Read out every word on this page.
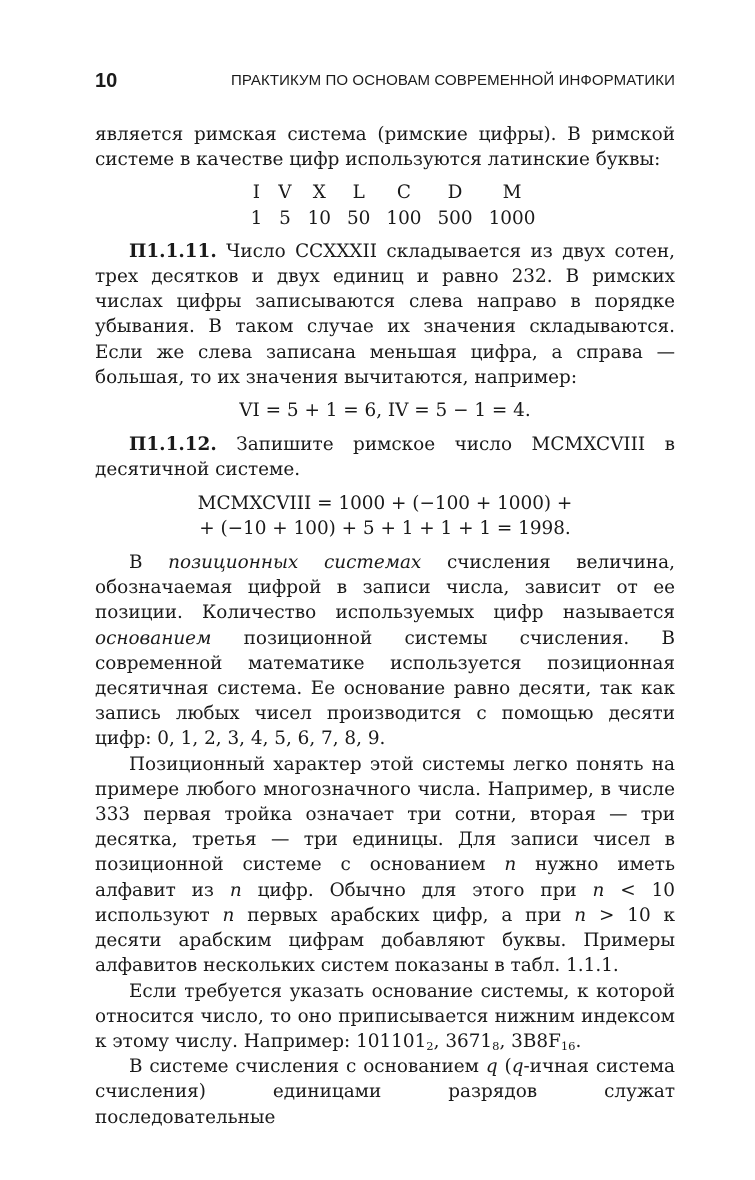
10	ПРАКТИКУМ ПО ОСНОВАМ СОВРЕМЕННОЙ ИНФОРМАТИКИ

является римская система (римские цифры). В римской системе в качестве цифр используются латинские буквы:

I	V	X	L	C	D	M
1	5	10	50	100	500	1000

П1.1.11. Число CCXXXII складывается из двух сотен, трех десятков и двух единиц и равно 232. В римских числах цифры записываются слева направо в порядке убывания. В таком случае их значения складываются. Если же слева записана меньшая цифра, а справа — большая, то их значения вычитаются, например:

VI = 5 + 1 = 6, IV = 5 − 1 = 4.

П1.1.12. Запишите римское число MCMXCVIII в десятичной системе.

MCMXCVIII = 1000 + (−100 + 1000) +
+ (−10 + 100) + 5 + 1 + 1 + 1 = 1998.

В позиционных системах счисления величина, обозначаемая цифрой в записи числа, зависит от ее позиции. Количество используемых цифр называется основанием позиционной системы счисления. В современной математике используется позиционная десятичная система. Ее основание равно десяти, так как запись любых чисел производится с помощью десяти цифр: 0, 1, 2, 3, 4, 5, 6, 7, 8, 9.

Позиционный характер этой системы легко понять на примере любого многозначного числа. Например, в числе 333 первая тройка означает три сотни, вторая — три десятка, третья — три единицы. Для записи чисел в позиционной системе с основанием n нужно иметь алфавит из n цифр. Обычно для этого при n < 10 используют n первых арабских цифр, а при n > 10 к десяти арабским цифрам добавляют буквы. Примеры алфавитов нескольких систем показаны в табл. 1.1.1.

Если требуется указать основание системы, к которой относится число, то оно приписывается нижним индексом к этому числу. Например: $101101_2$, $3671_8$, $3B8F_{16}$.

В системе счисления с основанием q (q-ичная система счисления) единицами разрядов служат последовательные
